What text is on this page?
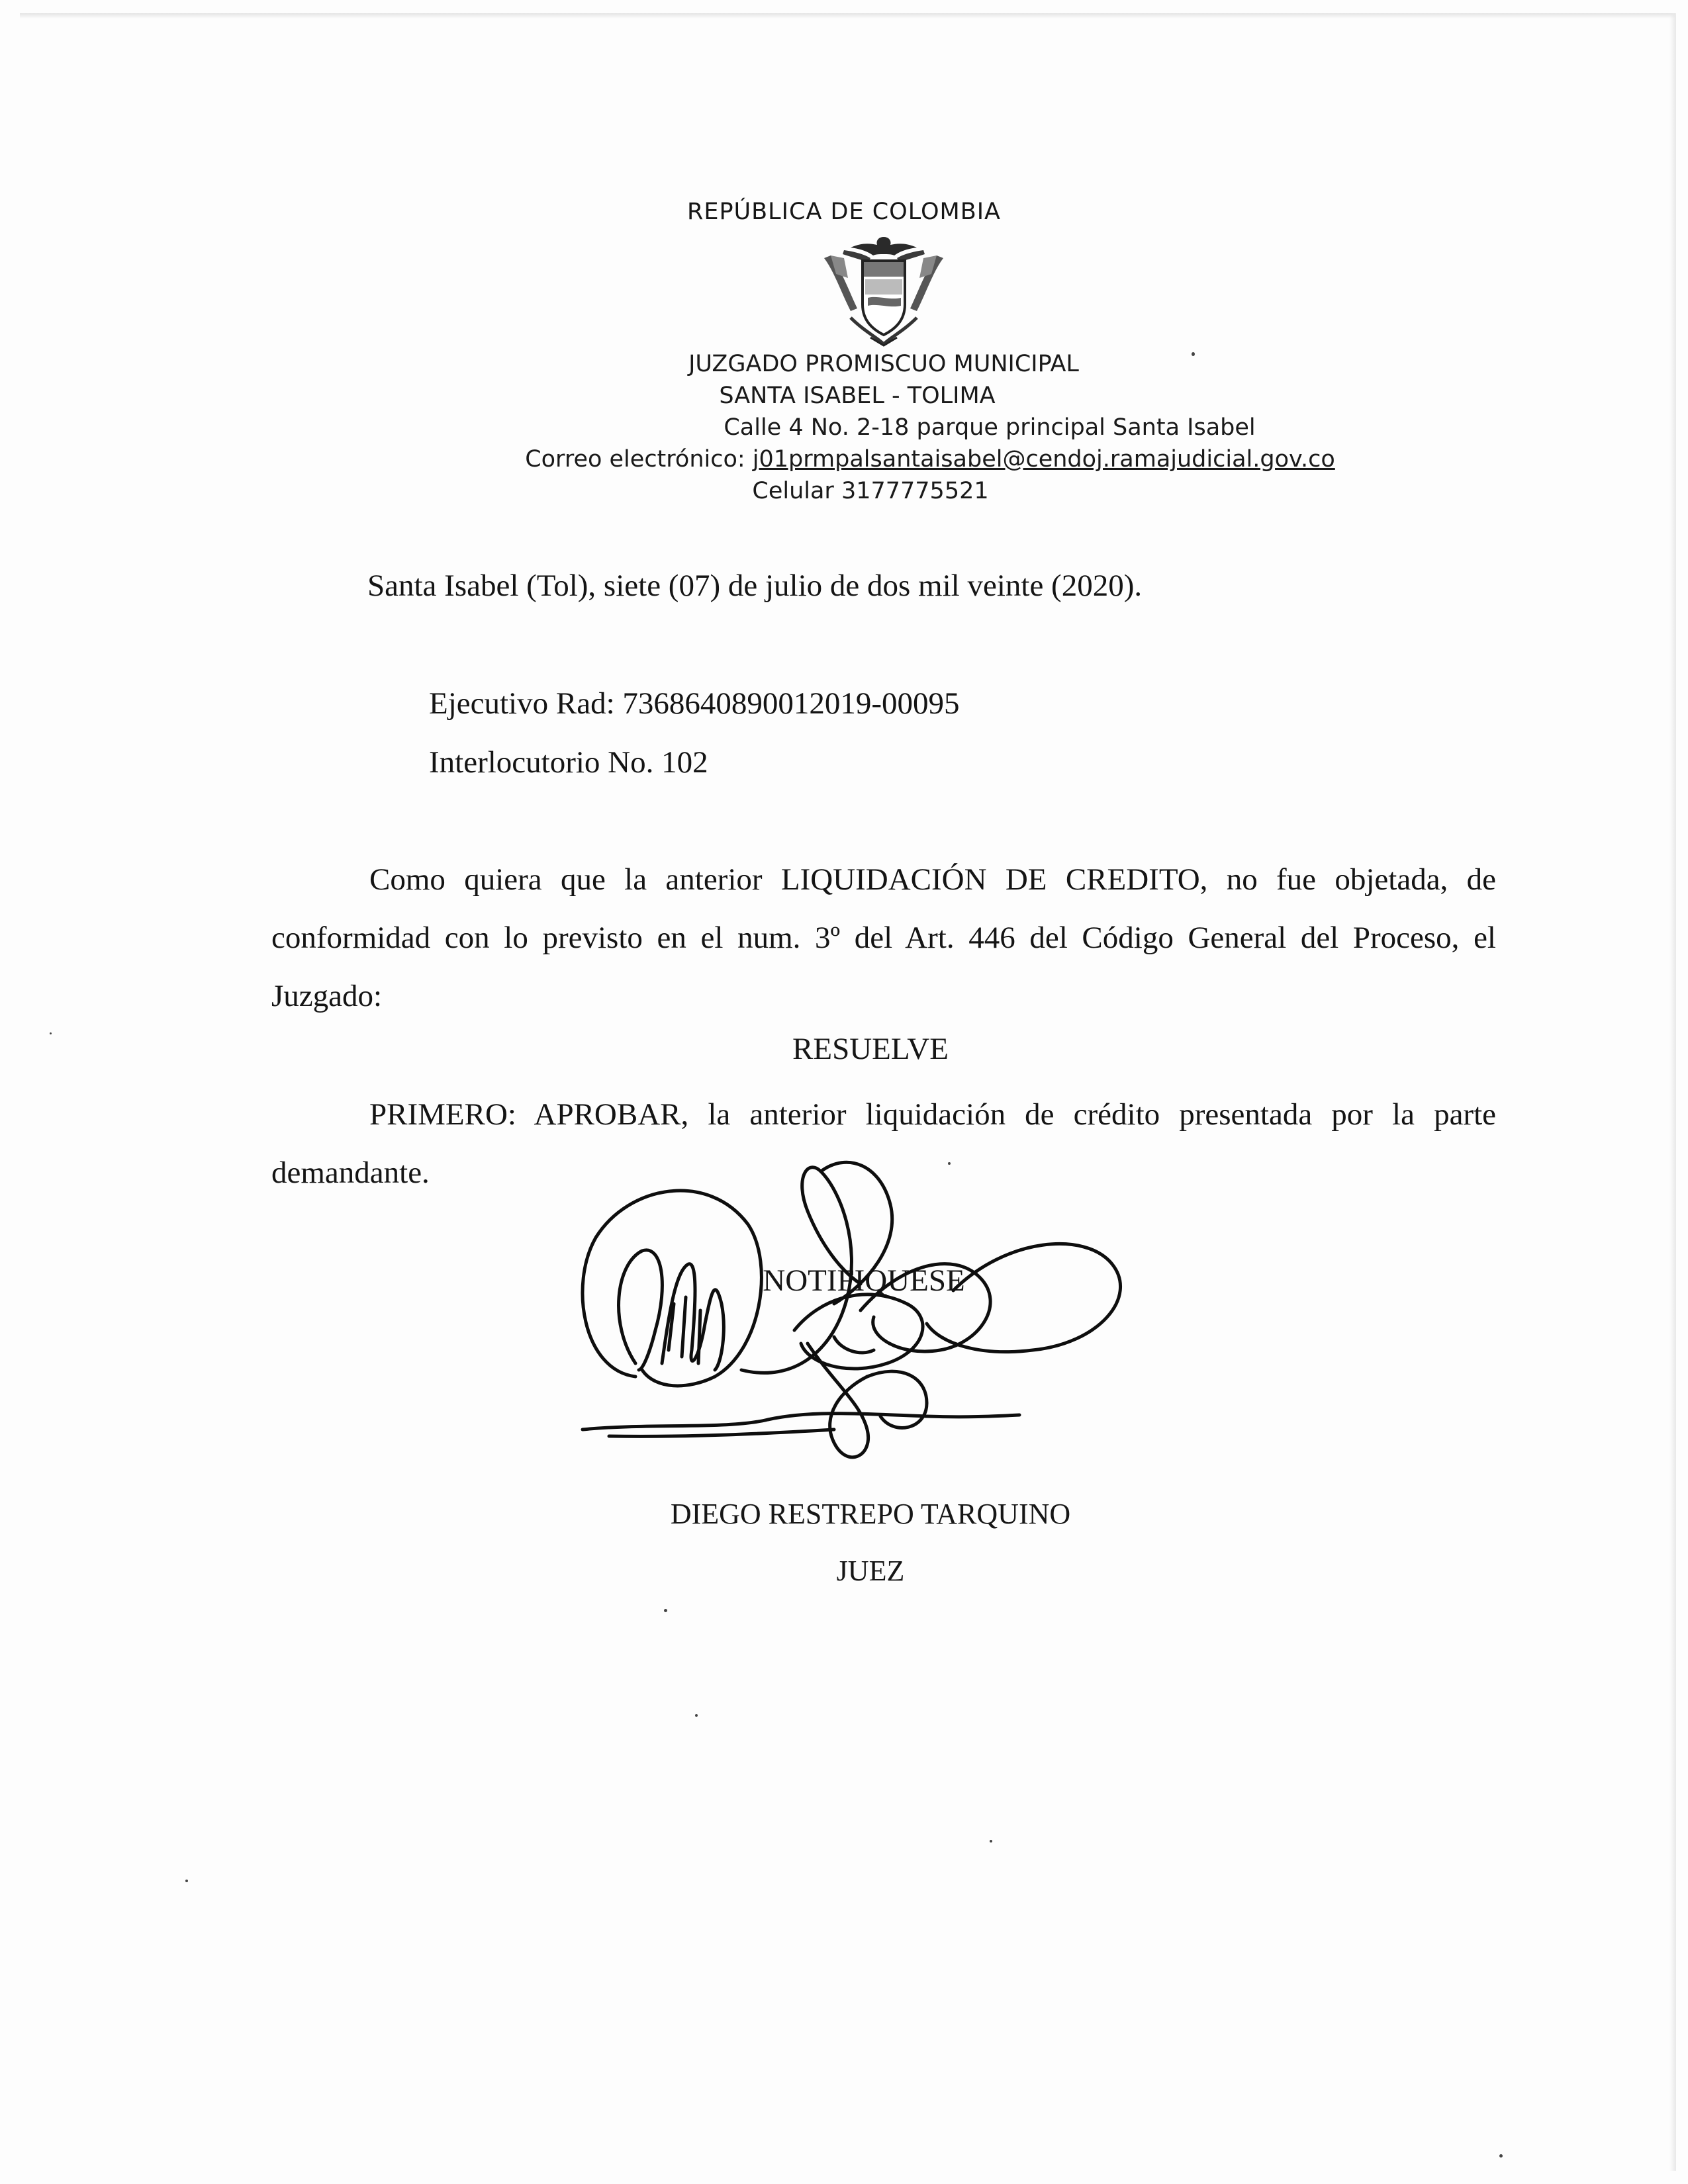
REPÚBLICA DE COLOMBIA
JUZGADO PROMISCUO MUNICIPAL
SANTA ISABEL - TOLIMA
Calle 4 No. 2-18 parque principal Santa Isabel
Correo electrónico: j01prmpalsantaisabel@cendoj.ramajudicial.gov.co
Celular 3177775521
Santa Isabel (Tol), siete (07) de julio de dos mil veinte (2020).
Ejecutivo Rad: 7368640890012019-00095
Interlocutorio No. 102
Como quiera que la anterior LIQUIDACIÓN DE CREDITO, no fue objetada, de conformidad con lo previsto en el num. 3º del Art. 446 del Código General del Proceso, el Juzgado:
RESUELVE
PRIMERO: APROBAR, la anterior liquidación de crédito presentada por la parte demandante.
NOTIFIQUESE
DIEGO RESTREPO TARQUINO
JUEZ
